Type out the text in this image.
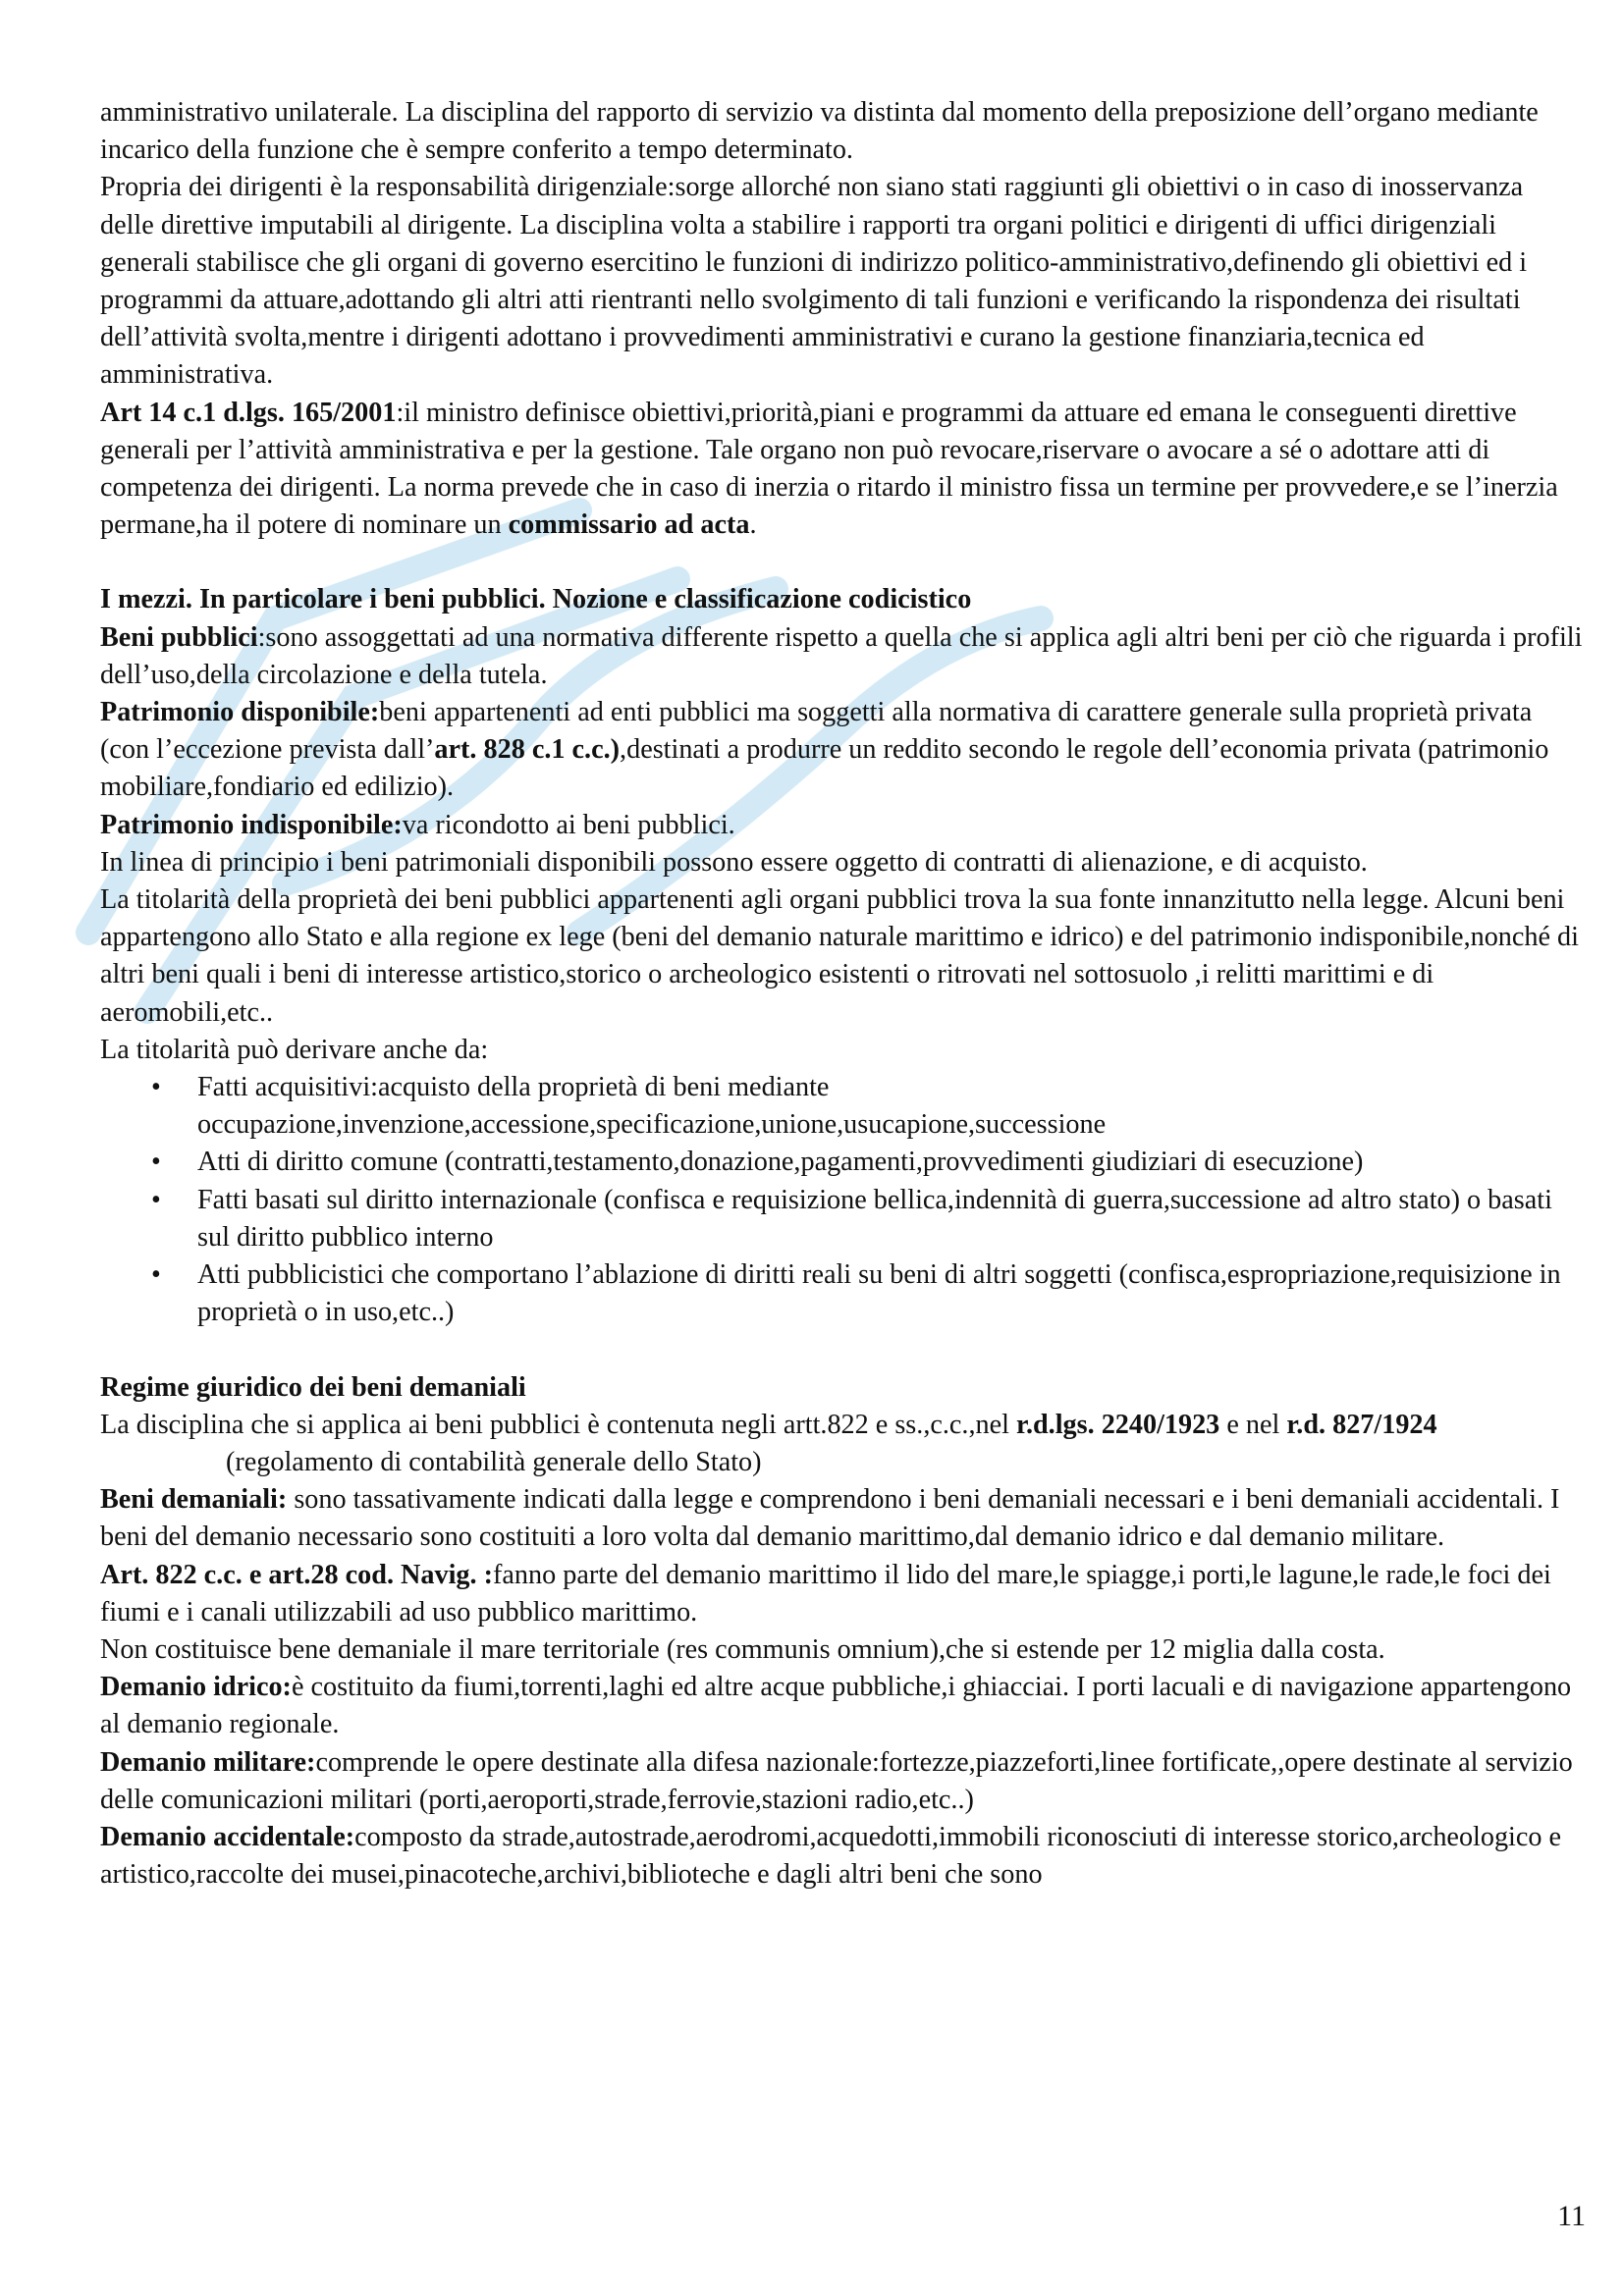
amministrativo unilaterale. La disciplina del rapporto di servizio va distinta dal momento della preposizione dell’organo mediante incarico della funzione che è sempre conferito a tempo determinato.

Propria dei dirigenti è la responsabilità dirigenziale:sorge allorché non siano stati raggiunti gli obiettivi o in caso di inosservanza delle direttive imputabili al dirigente. La disciplina volta a stabilire i rapporti tra organi politici e dirigenti di uffici dirigenziali generali stabilisce che gli organi di governo esercitino le funzioni di indirizzo politico-amministrativo,definendo gli obiettivi ed i programmi da attuare,adottando gli altri atti rientranti nello svolgimento di tali funzioni e verificando la rispondenza dei risultati dell’attività svolta,mentre i dirigenti adottano i provvedimenti amministrativi e curano la gestione finanziaria,tecnica ed amministrativa.

Art 14 c.1 d.lgs. 165/2001:il ministro definisce obiettivi,priorità,piani e programmi da attuare ed emana le conseguenti direttive generali per l’attività amministrativa e per la gestione. Tale organo non può revocare,riservare o avocare a sé o adottare atti di competenza dei dirigenti. La norma prevede che in caso di inerzia o ritardo il ministro fissa un termine per provvedere,e se l’inerzia permane,ha il potere di nominare un commissario ad acta.

I mezzi. In particolare i beni pubblici. Nozione e classificazione codicistico

Beni pubblici:sono assoggettati ad una normativa differente rispetto a quella che si applica agli altri beni per ciò che riguarda i profili dell’uso,della circolazione e della tutela.

Patrimonio disponibile:beni appartenenti ad enti pubblici ma soggetti alla normativa di carattere generale sulla proprietà privata (con l’eccezione prevista dall’art. 828 c.1 c.c.),destinati a produrre un reddito secondo le regole dell’economia privata (patrimonio mobiliare,fondiario ed edilizio).

Patrimonio indisponibile:va ricondotto ai beni pubblici.

In linea di principio i beni patrimoniali disponibili possono essere oggetto di contratti di alienazione, e di acquisto.

La titolarità della proprietà dei beni pubblici appartenenti agli organi pubblici trova la sua fonte innanzitutto nella legge. Alcuni beni appartengono allo Stato e alla regione ex lege (beni del demanio naturale marittimo e idrico) e del patrimonio indisponibile,nonché di altri beni quali i beni di interesse artistico,storico o archeologico esistenti o ritrovati nel sottosuolo ,i relitti marittimi e di aeromobili,etc..

La titolarità può derivare anche da:

• Fatti acquisitivi:acquisto della proprietà di beni mediante occupazione,invenzione,accessione,specificazione,unione,usucapione,successione
• Atti di diritto comune (contratti,testamento,donazione,pagamenti,provvedimenti giudiziari di esecuzione)
• Fatti basati sul diritto internazionale (confisca e requisizione bellica,indennità di guerra,successione ad altro stato) o basati sul diritto pubblico interno
• Atti pubblicistici che comportano l’ablazione di diritti reali su beni di altri soggetti (confisca,espropriazione,requisizione in proprietà o in uso,etc..)

Regime giuridico dei beni demaniali

La disciplina che si applica ai beni pubblici è contenuta negli artt.822 e ss.,c.c.,nel r.d.lgs. 2240/1923 e nel r.d. 827/1924 (regolamento di contabilità generale dello Stato)

Beni demaniali: sono tassativamente indicati dalla legge e comprendono i beni demaniali necessari e i beni demaniali accidentali. I beni del demanio necessario sono costituiti a loro volta dal demanio marittimo,dal demanio idrico e dal demanio militare.

Art. 822 c.c. e art.28 cod. Navig. :fanno parte del demanio marittimo il lido del mare,le spiagge,i porti,le lagune,le rade,le foci dei fiumi e i canali utilizzabili ad uso pubblico marittimo.

Non costituisce bene demaniale il mare territoriale (res communis omnium),che si estende per 12 miglia dalla costa.

Demanio idrico:è costituito da fiumi,torrenti,laghi ed altre acque pubbliche,i ghiacciai. I porti lacuali e di navigazione appartengono al demanio regionale.

Demanio militare:comprende le opere destinate alla difesa nazionale:fortezze,piazzeforti,linee fortificate,,opere destinate al servizio delle comunicazioni militari (porti,aeroporti,strade,ferrovie,stazioni radio,etc..)

Demanio accidentale:composto da strade,autostrade,aerodromi,acquedotti,immobili riconosciuti di interesse storico,archeologico e artistico,raccolte dei musei,pinacoteche,archivi,biblioteche e dagli altri beni che sono

11
